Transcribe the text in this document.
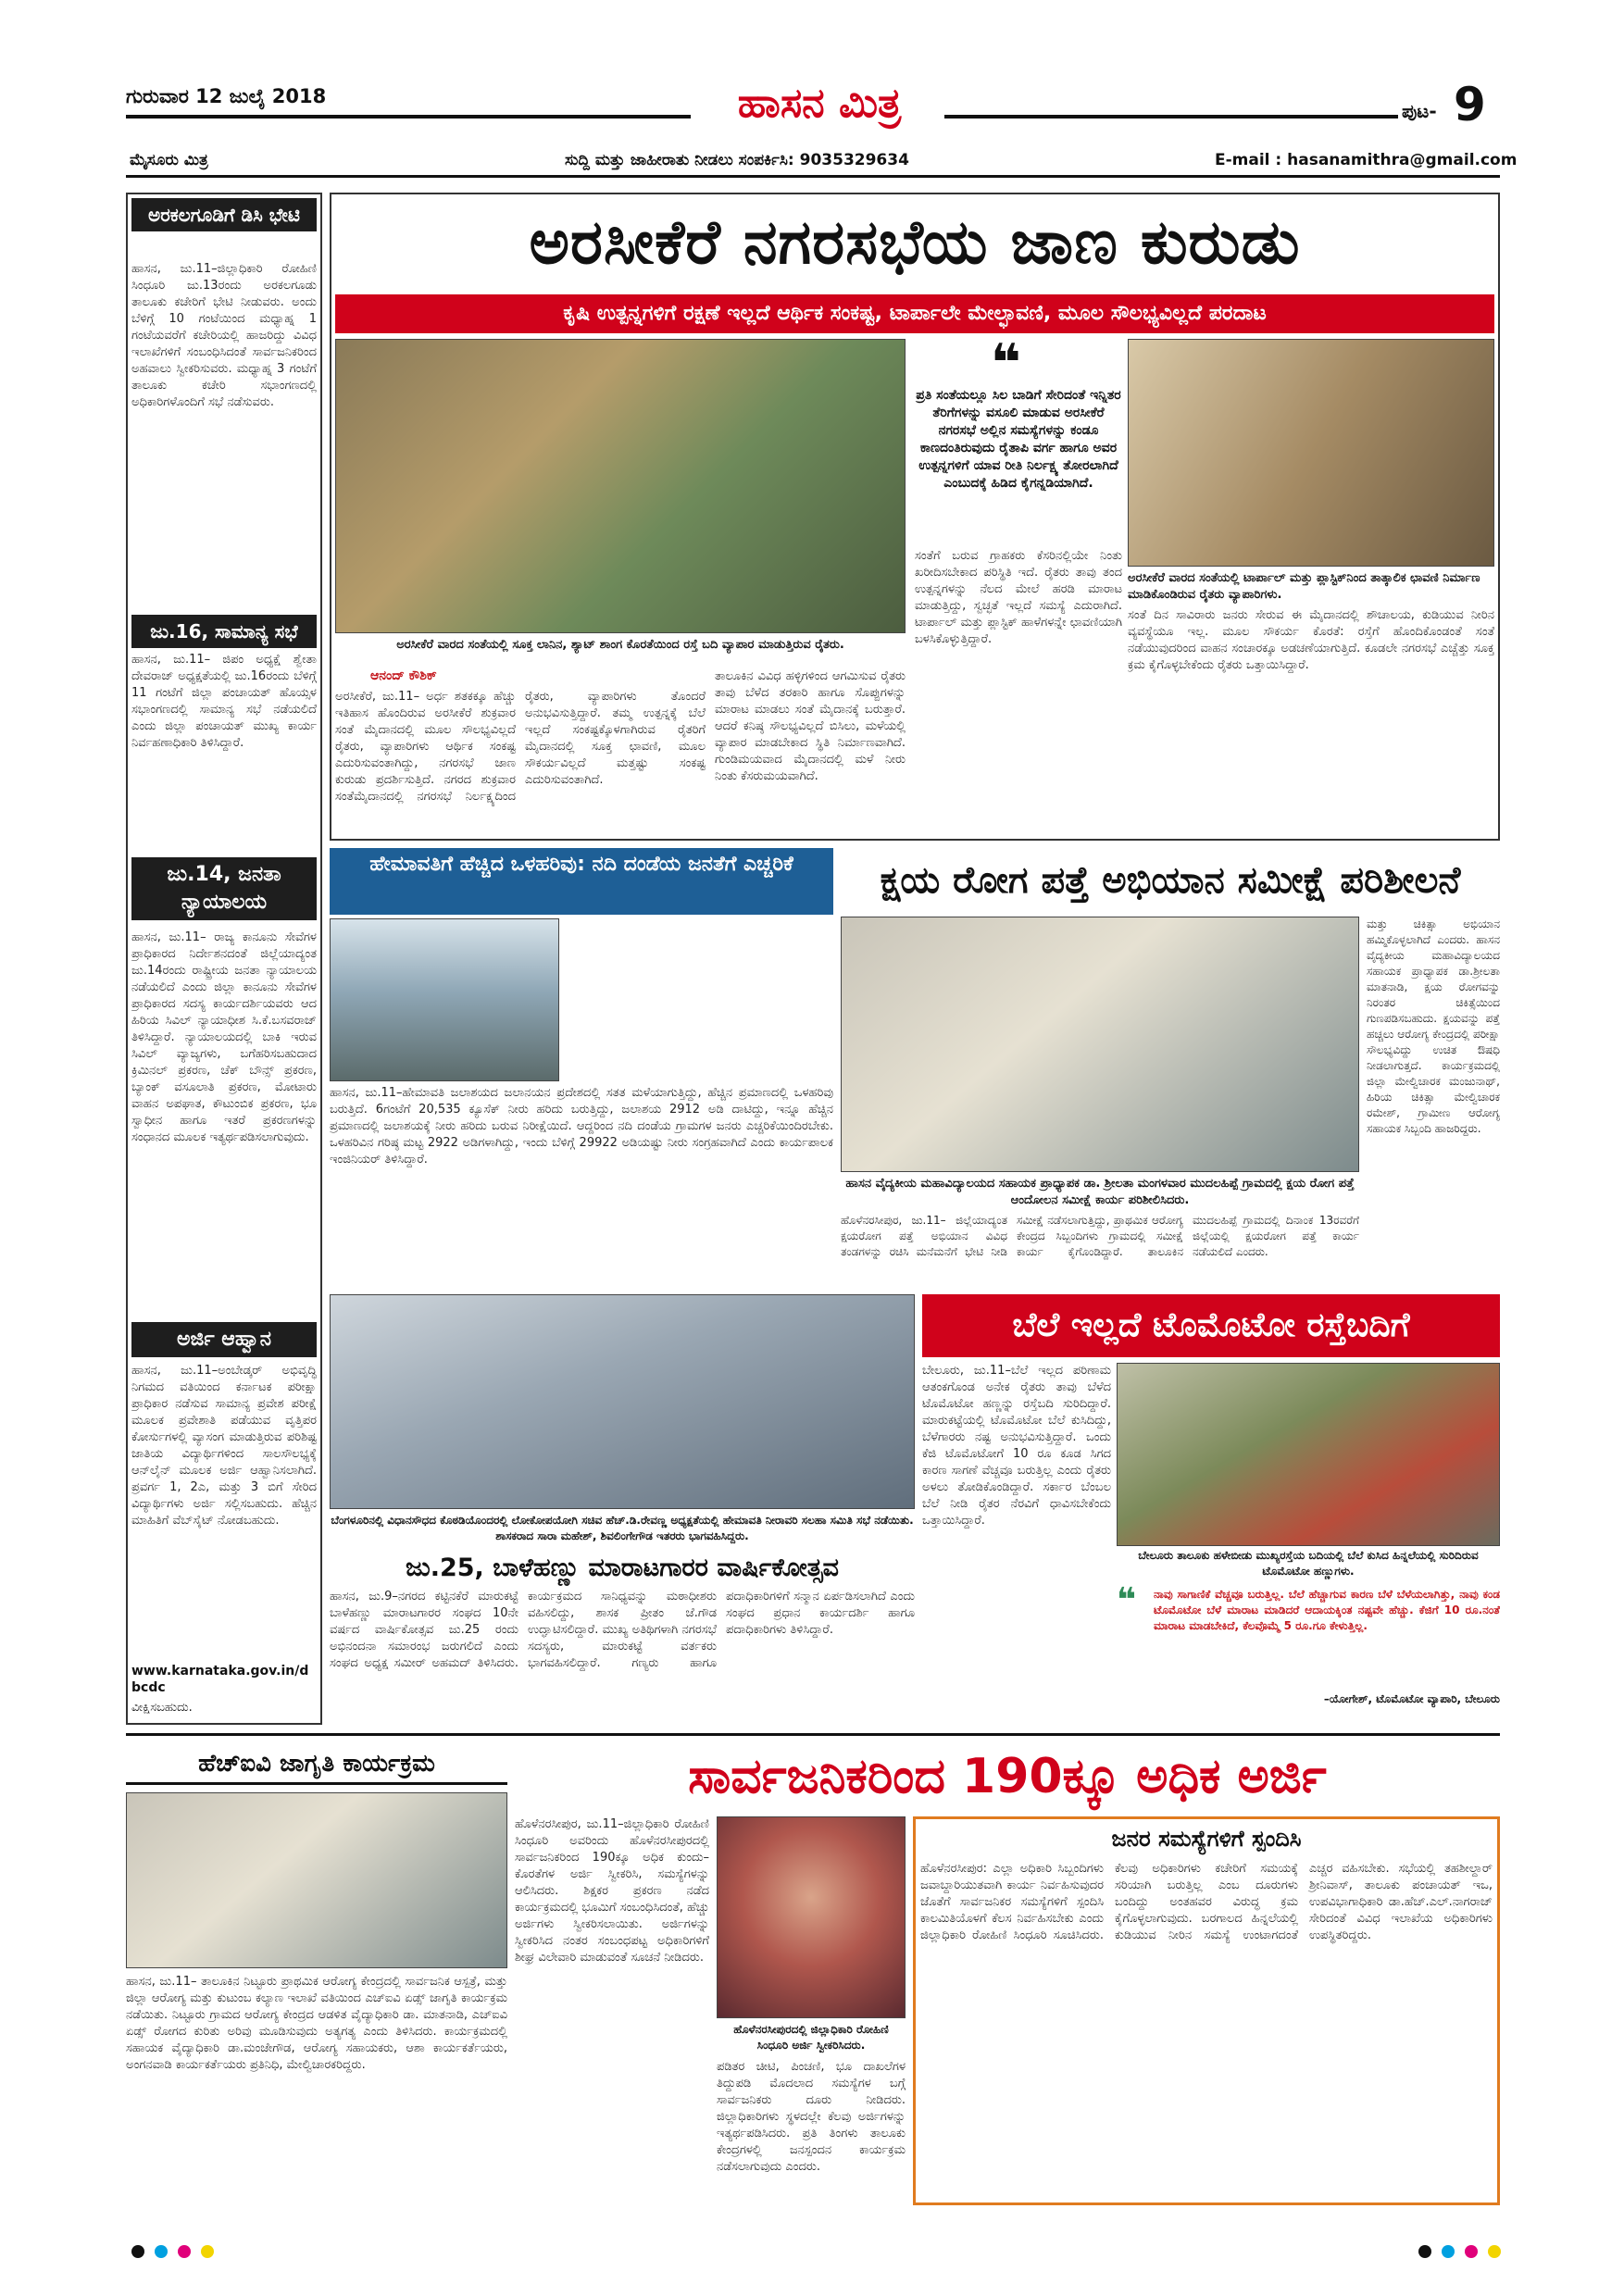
ಗುರುವಾರ 12 ಜುಲೈ 2018	ಹಾಸನ ಮಿತ್ರ	ಪುಟ- 9
ಮೈಸೂರು ಮಿತ್ರ	ಸುದ್ದಿ ಮತ್ತು ಜಾಹೀರಾತು ನೀಡಲು ಸಂಪರ್ಕಿಸಿ: 9035329634	E-mail : hasanamithra@gmail.com
ಅರಕಲಗೂಡಿಗೆ ಡಿಸಿ ಭೇಟಿ
ಹಾಸನ, ಜು.11–ಜಿಲ್ಲಾಧಿಕಾರಿ ರೋಹಿಣಿ ಸಿಂಧೂರಿ ಜು.13ರಂದು ಅರಕಲಗೂಡು ತಾಲೂಕು ಕಚೇರಿಗೆ ಭೇಟಿ ನೀಡುವರು. ಅಂದು ಬೆಳಿಗ್ಗೆ 10 ಗಂಟೆಯಿಂದ ಮಧ್ಯಾಹ್ನ 1 ಗಂಟೆಯವರೆಗೆ ಕಚೇರಿಯಲ್ಲಿ ಹಾಜರಿದ್ದು ವಿವಿಧ ಇಲಾಖೆಗಳಿಗೆ ಸಂಬಂಧಿಸಿದಂತೆ ಸಾರ್ವಜನಿಕರಿಂದ ಅಹವಾಲು ಸ್ವೀಕರಿಸುವರು. ಮಧ್ಯಾಹ್ನ 3 ಗಂಟೆಗೆ ತಾಲೂಕು ಕಚೇರಿ ಸಭಾಂಗಣದಲ್ಲಿ ಅಧಿಕಾರಿಗಳೊಂದಿಗೆ ಸಭೆ ನಡೆಸುವರು.
ಜು.16, ಸಾಮಾನ್ಯ ಸಭೆ
ಹಾಸನ, ಜು.11– ಜಿಪಂ ಅಧ್ಯಕ್ಷೆ ಶ್ವೇತಾ ದೇವರಾಜ್ ಅಧ್ಯಕ್ಷತೆಯಲ್ಲಿ ಜು.16ರಂದು ಬೆಳಿಗ್ಗೆ 11 ಗಂಟೆಗೆ ಜಿಲ್ಲಾ ಪಂಚಾಯತ್ ಹೊಯ್ಸಳ ಸಭಾಂಗಣದಲ್ಲಿ ಸಾಮಾನ್ಯ ಸಭೆ ನಡೆಯಲಿದೆ ಎಂದು ಜಿಲ್ಲಾ ಪಂಚಾಯತ್ ಮುಖ್ಯ ಕಾರ್ಯ ನಿರ್ವಹಣಾಧಿಕಾರಿ ತಿಳಿಸಿದ್ದಾರೆ.
ಜು.14, ಜನತಾ ನ್ಯಾಯಾಲಯ
ಹಾಸನ, ಜು.11– ರಾಜ್ಯ ಕಾನೂನು ಸೇವೆಗಳ ಪ್ರಾಧಿಕಾರದ ನಿರ್ದೇಶನದಂತೆ ಜಿಲ್ಲೆಯಾದ್ಯಂತ ಜು.14ರಂದು ರಾಷ್ಟ್ರೀಯ ಜನತಾ ನ್ಯಾಯಾಲಯ ನಡೆಯಲಿದೆ ಎಂದು ಜಿಲ್ಲಾ ಕಾನೂನು ಸೇವೆಗಳ ಪ್ರಾಧಿಕಾರದ ಸದಸ್ಯ ಕಾರ್ಯದರ್ಶಿಯವರು ಆದ ಹಿರಿಯ ಸಿವಿಲ್ ನ್ಯಾಯಾಧೀಶ ಸಿ.ಕೆ.ಬಸವರಾಜ್ ತಿಳಿಸಿದ್ದಾರೆ. ನ್ಯಾಯಾಲಯದಲ್ಲಿ ಬಾಕಿ ಇರುವ ಸಿವಿಲ್ ವ್ಯಾಜ್ಯಗಳು, ಬಗೆಹರಿಸಬಹುದಾದ ಕ್ರಿಮಿನಲ್ ಪ್ರಕರಣ, ಚೆಕ್ ಬೌನ್ಸ್ ಪ್ರಕರಣ, ಬ್ಯಾಂಕ್ ವಸೂಲಾತಿ ಪ್ರಕರಣ, ಮೋಟಾರು ವಾಹನ ಅಪಘಾತ, ಕೌಟುಂಬಿಕ ಪ್ರಕರಣ, ಭೂ ಸ್ವಾಧೀನ ಹಾಗೂ ಇತರೆ ಪ್ರಕರಣಗಳನ್ನು ಸಂಧಾನದ ಮೂಲಕ ಇತ್ಯರ್ಥಪಡಿಸಲಾಗುವುದು.
ಅರ್ಜಿ ಆಹ್ವಾನ
ಹಾಸನ, ಜು.11–ಅಂಬೇಡ್ಕರ್ ಅಭಿವೃದ್ಧಿ ನಿಗಮದ ವತಿಯಿಂದ ಕರ್ನಾಟಕ ಪರೀಕ್ಷಾ ಪ್ರಾಧಿಕಾರ ನಡೆಸುವ ಸಾಮಾನ್ಯ ಪ್ರವೇಶ ಪರೀಕ್ಷೆ ಮೂಲಕ ಪ್ರವೇಶಾತಿ ಪಡೆಯುವ ವೃತ್ತಿಪರ ಕೋರ್ಸುಗಳಲ್ಲಿ ವ್ಯಾಸಂಗ ಮಾಡುತ್ತಿರುವ ಪರಿಶಿಷ್ಟ ಜಾತಿಯ ವಿದ್ಯಾರ್ಥಿಗಳಿಂದ ಸಾಲಸೌಲಭ್ಯಕ್ಕೆ ಆನ್‌ಲೈನ್ ಮೂಲಕ ಅರ್ಜಿ ಆಹ್ವಾನಿಸಲಾಗಿದೆ. ಪ್ರವರ್ಗ 1, 2ಎ, ಮತ್ತು 3 ಬಿಗೆ ಸೇರಿದ ವಿದ್ಯಾರ್ಥಿಗಳು ಅರ್ಜಿ ಸಲ್ಲಿಸಬಹುದು. ಹೆಚ್ಚಿನ ಮಾಹಿತಿಗೆ ವೆಬ್‌ಸೈಟ್ ನೋಡಬಹುದು.
www.karnataka.gov.in/dbcdc
ವೀಕ್ಷಿಸಬಹುದು.
ಅರಸೀಕೆರೆ ನಗರಸಭೆಯ ಜಾಣ ಕುರುಡು
ಕೃಷಿ ಉತ್ಪನ್ನಗಳಿಗೆ ರಕ್ಷಣೆ ಇಲ್ಲದೆ ಆರ್ಥಿಕ ಸಂಕಷ್ಟ, ಟಾರ್ಪಾಲೇ ಮೇಲ್ಛಾವಣಿ, ಮೂಲ ಸೌಲಭ್ಯವಿಲ್ಲದೆ ಪರದಾಟ
ಅರಸೀಕೆರೆ ವಾರದ ಸಂತೆಯಲ್ಲಿ ಸೂಕ್ತ ಲಾನಿನ, ಶ್ಯಾಟ್ ಶಾಂಗ ಕೊರತೆಯಿಂದ ರಸ್ತೆ ಬದಿ ವ್ಯಾಪಾರ ಮಾಡುತ್ತಿರುವ ರೈತರು.
❝
ಪ್ರತಿ ಸಂತೆಯಲ್ಲೂ ಸಿಲ ಬಾಡಿಗೆ ಸೇರಿದಂತೆ ಇನ್ನಿತರ ತೆರಿಗೆಗಳನ್ನು ವಸೂಲಿ ಮಾಡುವ ಅರಸೀಕೆರೆ ನಗರಸಭೆ ಅಲ್ಲಿನ ಸಮಸ್ಯೆಗಳನ್ನು ಕಂಡೂ ಕಾಣದಂತಿರುವುದು ರೈತಾಪಿ ವರ್ಗ ಹಾಗೂ ಅವರ ಉತ್ಪನ್ನಗಳಿಗೆ ಯಾವ ರೀತಿ ನಿರ್ಲಕ್ಷ್ಯ ತೋರಲಾಗಿದೆ ಎಂಬುದಕ್ಕೆ ಹಿಡಿದ ಕೈಗನ್ನಡಿಯಾಗಿದೆ.
ಸಂತೆಗೆ ಬರುವ ಗ್ರಾಹಕರು ಕೆಸರಿನಲ್ಲಿಯೇ ನಿಂತು ಖರೀದಿಸಬೇಕಾದ ಪರಿಸ್ಥಿತಿ ಇದೆ. ರೈತರು ತಾವು ತಂದ ಉತ್ಪನ್ನಗಳನ್ನು ನೆಲದ ಮೇಲೆ ಹರಡಿ ಮಾರಾಟ ಮಾಡುತ್ತಿದ್ದು, ಸ್ವಚ್ಛತೆ ಇಲ್ಲದೆ ಸಮಸ್ಯೆ ಎದುರಾಗಿದೆ. ಟಾರ್ಪಾಲ್ ಮತ್ತು ಪ್ಲಾಸ್ಟಿಕ್ ಹಾಳೆಗಳನ್ನೇ ಛಾವಣಿಯಾಗಿ ಬಳಸಿಕೊಳ್ಳುತ್ತಿದ್ದಾರೆ.
ಅರಸೀಕೆರೆ ವಾರದ ಸಂತೆಯಲ್ಲಿ ಟಾರ್ಪಾಲ್ ಮತ್ತು ಪ್ಲಾಸ್ಟಿಕ್‌ನಿಂದ ತಾತ್ಕಾಲಿಕ ಛಾವಣಿ ನಿರ್ಮಾಣ ಮಾಡಿಕೊಂಡಿರುವ ರೈತರು ವ್ಯಾಪಾರಿಗಳು.
ಸಂತೆ ದಿನ ಸಾವಿರಾರು ಜನರು ಸೇರುವ ಈ ಮೈದಾನದಲ್ಲಿ ಶೌಚಾಲಯ, ಕುಡಿಯುವ ನೀರಿನ ವ್ಯವಸ್ಥೆಯೂ ಇಲ್ಲ. ಮೂಲ ಸೌಕರ್ಯ ಕೊರತೆ: ರಸ್ತೆಗೆ ಹೊಂದಿಕೊಂಡಂತೆ ಸಂತೆ ನಡೆಯುವುದರಿಂದ ವಾಹನ ಸಂಚಾರಕ್ಕೂ ಅಡಚಣೆಯಾಗುತ್ತಿದೆ. ಕೂಡಲೇ ನಗರಸಭೆ ಎಚ್ಚೆತ್ತು ಸೂಕ್ತ ಕ್ರಮ ಕೈಗೊಳ್ಳಬೇಕೆಂದು ರೈತರು ಒತ್ತಾಯಿಸಿದ್ದಾರೆ.
ಆನಂದ್ ಕೌಶಿಕ್
ಅರಸೀಕೆರೆ, ಜು.11– ಅರ್ಧ ಶತಕಕ್ಕೂ ಹೆಚ್ಚು ಇತಿಹಾಸ ಹೊಂದಿರುವ ಅರಸೀಕೆರೆ ಶುಕ್ರವಾರ ಸಂತೆ ಮೈದಾನದಲ್ಲಿ ಮೂಲ ಸೌಲಭ್ಯವಿಲ್ಲದೆ ರೈತರು, ವ್ಯಾಪಾರಿಗಳು ಆರ್ಥಿಕ ಸಂಕಷ್ಟ ಎದುರಿಸುವಂತಾಗಿದ್ದು, ನಗರಸಭೆ ಜಾಣ ಕುರುಡು ಪ್ರದರ್ಶಿಸುತ್ತಿದೆ. ನಗರದ ಶುಕ್ರವಾರ ಸಂತೆಮೈದಾನದಲ್ಲಿ ನಗರಸಭೆ ನಿರ್ಲಕ್ಷ್ಯದಿಂದ ರೈತರು, ವ್ಯಾಪಾರಿಗಳು ತೊಂದರೆ ಅನುಭವಿಸುತ್ತಿದ್ದಾರೆ. ತಮ್ಮ ಉತ್ಪನ್ನಕ್ಕೆ ಬೆಲೆ ಇಲ್ಲದೆ ಸಂಕಷ್ಟಕ್ಕೊಳಗಾಗಿರುವ ರೈತರಿಗೆ ಮೈದಾನದಲ್ಲಿ ಸೂಕ್ತ ಛಾವಣಿ, ಮೂಲ ಸೌಕರ್ಯವಿಲ್ಲದೆ ಮತ್ತಷ್ಟು ಸಂಕಷ್ಟ ಎದುರಿಸುವಂತಾಗಿದೆ.
ತಾಲೂಕಿನ ವಿವಿಧ ಹಳ್ಳಿಗಳಿಂದ ಆಗಮಿಸುವ ರೈತರು ತಾವು ಬೆಳೆದ ತರಕಾರಿ ಹಾಗೂ ಸೊಪ್ಪುಗಳನ್ನು ಮಾರಾಟ ಮಾಡಲು ಸಂತೆ ಮೈದಾನಕ್ಕೆ ಬರುತ್ತಾರೆ. ಆದರೆ ಕನಿಷ್ಠ ಸೌಲಭ್ಯವಿಲ್ಲದೆ ಬಿಸಿಲು, ಮಳೆಯಲ್ಲಿ ವ್ಯಾಪಾರ ಮಾಡಬೇಕಾದ ಸ್ಥಿತಿ ನಿರ್ಮಾಣವಾಗಿದೆ. ಗುಂಡಿಮಯವಾದ ಮೈದಾನದಲ್ಲಿ ಮಳೆ ನೀರು ನಿಂತು ಕೆಸರುಮಯವಾಗಿದೆ.
ಹೇಮಾವತಿಗೆ ಹೆಚ್ಚಿದ ಒಳಹರಿವು: ನದಿ ದಂಡೆಯ ಜನತೆಗೆ ಎಚ್ಚರಿಕೆ
ಹಾಸನ, ಜು.11–ಹೇಮಾವತಿ ಜಲಾಶಯದ ಜಲಾನಯನ ಪ್ರದೇಶದಲ್ಲಿ ಸತತ ಮಳೆಯಾಗುತ್ತಿದ್ದು, ಹೆಚ್ಚಿನ ಪ್ರಮಾಣದಲ್ಲಿ ಒಳಹರಿವು ಬರುತ್ತಿದೆ. 6ಗಂಟೆಗೆ 20,535 ಕ್ಯೂಸೆಕ್ ನೀರು ಹರಿದು ಬರುತ್ತಿದ್ದು, ಜಲಾಶಯ 2912 ಅಡಿ ದಾಟಿದ್ದು, ಇನ್ನೂ ಹೆಚ್ಚಿನ ಪ್ರಮಾಣದಲ್ಲಿ ಜಲಾಶಯಕ್ಕೆ ನೀರು ಹರಿದು ಬರುವ ನಿರೀಕ್ಷೆಯಿದೆ. ಆದ್ದರಿಂದ ನದಿ ದಂಡೆಯ ಗ್ರಾಮಗಳ ಜನರು ಎಚ್ಚರಿಕೆಯಿಂದಿರಬೇಕು. ಒಳಹರಿವಿನ ಗರಿಷ್ಠ ಮಟ್ಟ 2922 ಅಡಿಗಳಾಗಿದ್ದು, ಇಂದು ಬೆಳಿಗ್ಗೆ 29922 ಅಡಿಯಷ್ಟು ನೀರು ಸಂಗ್ರಹವಾಗಿದೆ ಎಂದು ಕಾರ್ಯಪಾಲಕ ಇಂಜಿನಿಯರ್ ತಿಳಿಸಿದ್ದಾರೆ.
ಕ್ಷಯ ರೋಗ ಪತ್ತೆ ಅಭಿಯಾನ ಸಮೀಕ್ಷೆ ಪರಿಶೀಲನೆ
ಹಾಸನ ವೈದ್ಯಕೀಯ ಮಹಾವಿದ್ಯಾಲಯದ ಸಹಾಯಕ ಪ್ರಾಧ್ಯಾಪಕ ಡಾ. ಶ್ರೀಲತಾ ಮಂಗಳವಾರ ಮುದಲಹಿಪ್ಪೆ ಗ್ರಾಮದಲ್ಲಿ ಕ್ಷಯ ರೋಗ ಪತ್ತೆ ಆಂದೋಲನ ಸಮೀಕ್ಷೆ ಕಾರ್ಯ ಪರಿಶೀಲಿಸಿದರು.
ಮತ್ತು ಚಿಕಿತ್ಸಾ ಅಭಿಯಾನ ಹಮ್ಮಿಕೊಳ್ಳಲಾಗಿದೆ ಎಂದರು. ಹಾಸನ ವೈದ್ಯಕೀಯ ಮಹಾವಿದ್ಯಾಲಯದ ಸಹಾಯಕ ಪ್ರಾಧ್ಯಾಪಕ ಡಾ.ಶ್ರೀಲತಾ ಮಾತನಾಡಿ, ಕ್ಷಯ ರೋಗವನ್ನು ನಿರಂತರ ಚಿಕಿತ್ಸೆಯಿಂದ ಗುಣಪಡಿಸಬಹುದು. ಕ್ಷಯವನ್ನು ಪತ್ತೆ ಹಚ್ಚಲು ಆರೋಗ್ಯ ಕೇಂದ್ರದಲ್ಲಿ ಪರೀಕ್ಷಾ ಸೌಲಭ್ಯವಿದ್ದು ಉಚಿತ ಔಷಧಿ ನೀಡಲಾಗುತ್ತದೆ. ಕಾರ್ಯಕ್ರಮದಲ್ಲಿ ಜಿಲ್ಲಾ ಮೇಲ್ವಿಚಾರಕ ಮಂಜುನಾಥ್, ಹಿರಿಯ ಚಿಕಿತ್ಸಾ ಮೇಲ್ವಿಚಾರಕ ರಮೇಶ್, ಗ್ರಾಮೀಣ ಆರೋಗ್ಯ ಸಹಾಯಕ ಸಿಬ್ಬಂದಿ ಹಾಜರಿದ್ದರು.
ಹೊಳೆನರಸೀಪುರ, ಜು.11– ಜಿಲ್ಲೆಯಾದ್ಯಂತ ಕ್ಷಯರೋಗ ಪತ್ತೆ ಅಭಿಯಾನ ವಿವಿಧ ತಂಡಗಳನ್ನು ರಚಿಸಿ ಮನೆಮನೆಗೆ ಭೇಟಿ ನೀಡಿ ಸಮೀಕ್ಷೆ ನಡೆಸಲಾಗುತ್ತಿದ್ದು, ಪ್ರಾಥಮಿಕ ಆರೋಗ್ಯ ಕೇಂದ್ರದ ಸಿಬ್ಬಂದಿಗಳು ಗ್ರಾಮದಲ್ಲಿ ಸಮೀಕ್ಷೆ ಕಾರ್ಯ ಕೈಗೊಂಡಿದ್ದಾರೆ. ತಾಲೂಕಿನ ಮುದಲಹಿಪ್ಪೆ ಗ್ರಾಮದಲ್ಲಿ ದಿನಾಂಕ 13ರವರೆಗೆ ಜಿಲ್ಲೆಯಲ್ಲಿ ಕ್ಷಯರೋಗ ಪತ್ತೆ ಕಾರ್ಯ ನಡೆಯಲಿದೆ ಎಂದರು.
ಬೆಂಗಳೂರಿನಲ್ಲಿ ವಿಧಾನಸೌಧದ ಕೊಠಡಿಯೊಂದರಲ್ಲಿ ಲೋಕೋಪಯೋಗಿ ಸಚಿವ ಹೆಚ್.ಡಿ.ರೇವಣ್ಣ ಅಧ್ಯಕ್ಷತೆಯಲ್ಲಿ ಹೇಮಾವತಿ ನೀರಾವರಿ ಸಲಹಾ ಸಮಿತಿ ಸಭೆ ನಡೆಯಿತು. ಶಾಸಕರಾದ ಸಾರಾ ಮಹೇಶ್, ಶಿವಲಿಂಗೇಗೌಡ ಇತರರು ಭಾಗವಹಿಸಿದ್ದರು.
ಜು.25, ಬಾಳೆಹಣ್ಣು ಮಾರಾಟಗಾರರ ವಾರ್ಷಿಕೋತ್ಸವ
ಹಾಸನ, ಜು.9–ನಗರದ ಕಟ್ಟಿನಕೆರೆ ಮಾರುಕಟ್ಟೆ ಬಾಳೆಹಣ್ಣು ಮಾರಾಟಗಾರರ ಸಂಘದ 10ನೇ ವರ್ಷದ ವಾರ್ಷಿಕೋತ್ಸವ ಜು.25 ರಂದು ಅಭಿನಂದನಾ ಸಮಾರಂಭ ಜರುಗಲಿದೆ ಎಂದು ಸಂಘದ ಅಧ್ಯಕ್ಷ ಸಮೀರ್ ಅಹಮದ್ ತಿಳಿಸಿದರು. ಕಾರ್ಯಕ್ರಮದ ಸಾನಿಧ್ಯವನ್ನು ಮಠಾಧೀಶರು ವಹಿಸಲಿದ್ದು, ಶಾಸಕ ಪ್ರೀತಂ ಜೆ.ಗೌಡ ಉದ್ಘಾಟಿಸಲಿದ್ದಾರೆ. ಮುಖ್ಯ ಅತಿಥಿಗಳಾಗಿ ನಗರಸಭೆ ಸದಸ್ಯರು, ಮಾರುಕಟ್ಟೆ ವರ್ತಕರು ಭಾಗವಹಿಸಲಿದ್ದಾರೆ. ಗಣ್ಯರು ಹಾಗೂ ಪದಾಧಿಕಾರಿಗಳಿಗೆ ಸನ್ಮಾನ ಏರ್ಪಡಿಸಲಾಗಿದೆ ಎಂದು ಸಂಘದ ಪ್ರಧಾನ ಕಾರ್ಯದರ್ಶಿ ಹಾಗೂ ಪದಾಧಿಕಾರಿಗಳು ತಿಳಿಸಿದ್ದಾರೆ.
ಬೆಲೆ ಇಲ್ಲದೆ ಟೊಮೊಟೋ ರಸ್ತೆಬದಿಗೆ
ಬೇಲೂರು, ಜು.11–ಬೆಲೆ ಇಲ್ಲದ ಪರಿಣಾಮ ಆತಂಕಗೊಂಡ ಅನೇಕ ರೈತರು ತಾವು ಬೆಳೆದ ಟೊಮೊಟೋ ಹಣ್ಣನ್ನು ರಸ್ತೆಬದಿ ಸುರಿದಿದ್ದಾರೆ. ಮಾರುಕಟ್ಟೆಯಲ್ಲಿ ಟೊಮೊಟೋ ಬೆಲೆ ಕುಸಿದಿದ್ದು, ಬೆಳೆಗಾರರು ನಷ್ಟ ಅನುಭವಿಸುತ್ತಿದ್ದಾರೆ. ಒಂದು ಕೆಜಿ ಟೊಮೊಟೋಗೆ 10 ರೂ ಕೂಡ ಸಿಗದ ಕಾರಣ ಸಾಗಣೆ ವೆಚ್ಚವೂ ಬರುತ್ತಿಲ್ಲ ಎಂದು ರೈತರು ಅಳಲು ತೋಡಿಕೊಂಡಿದ್ದಾರೆ. ಸರ್ಕಾರ ಬೆಂಬಲ ಬೆಲೆ ನೀಡಿ ರೈತರ ನೆರವಿಗೆ ಧಾವಿಸಬೇಕೆಂದು ಒತ್ತಾಯಿಸಿದ್ದಾರೆ.
ಬೇಲೂರು ತಾಲೂಕು ಹಳೇಬೀಡು ಮುಖ್ಯರಸ್ತೆಯ ಬದಿಯಲ್ಲಿ ಬೆಲೆ ಕುಸಿದ ಹಿನ್ನಲೆಯಲ್ಲಿ ಸುರಿದಿರುವ ಟೊಮೊಟೋ ಹಣ್ಣುಗಳು.
❝ ನಾವು ಸಾಗಾಣಿಕೆ ವೆಚ್ಚವೂ ಬರುತ್ತಿಲ್ಲ. ಬೆಲೆ ಹೆಚ್ಚಾಗುವ ಕಾರಣ ಬೆಳೆ ಬೆಳೆಯಲಾಗಿತ್ತು, ನಾವು ಕಂಡ ಟೊಮೊಟೋ ಬೆಳೆ ಮಾರಾಟ ಮಾಡಿದರೆ ಆದಾಯಕ್ಕಿಂತ ನಷ್ಟವೇ ಹೆಚ್ಚು. ಕೆಜಿಗೆ 10 ರೂ.ನಂತೆ ಮಾರಾಟ ಮಾಡಬೇಕಿದೆ, ಕೆಲವೊಮ್ಮೆ 5 ರೂ.ಗೂ ಕೇಳುತ್ತಿಲ್ಲ.
–ಯೋಗೇಶ್, ಟೊಮೊಟೋ ವ್ಯಾಪಾರಿ, ಬೇಲೂರು
ಹೆಚ್‌ಐವಿ ಜಾಗೃತಿ ಕಾರ್ಯಕ್ರಮ
ಹಾಸನ, ಜು.11– ತಾಲೂಕಿನ ನಿಟ್ಟೂರು ಪ್ರಾಥಮಿಕ ಆರೋಗ್ಯ ಕೇಂದ್ರದಲ್ಲಿ ಸಾರ್ವಜನಿಕ ಆಸ್ಪತ್ರೆ, ಮತ್ತು ಜಿಲ್ಲಾ ಆರೋಗ್ಯ ಮತ್ತು ಕುಟುಂಬ ಕಲ್ಯಾಣ ಇಲಾಖೆ ವತಿಯಿಂದ ಎಚ್‌ಐವಿ ಏಡ್ಸ್ ಜಾಗೃತಿ ಕಾರ್ಯಕ್ರಮ ನಡೆಯಿತು. ನಿಟ್ಟೂರು ಗ್ರಾಮದ ಆರೋಗ್ಯ ಕೇಂದ್ರದ ಆಡಳಿತ ವೈದ್ಯಾಧಿಕಾರಿ ಡಾ. ಮಾತನಾಡಿ, ಎಚ್‌ಐವಿ ಏಡ್ಸ್ ರೋಗದ ಕುರಿತು ಅರಿವು ಮೂಡಿಸುವುದು ಅತ್ಯಗತ್ಯ ಎಂದು ತಿಳಿಸಿದರು. ಕಾರ್ಯಕ್ರಮದಲ್ಲಿ ಸಹಾಯಕ ವೈದ್ಯಾಧಿಕಾರಿ ಡಾ.ಮಂಜೇಗೌಡ, ಆರೋಗ್ಯ ಸಹಾಯಕರು, ಆಶಾ ಕಾರ್ಯಕರ್ತೆಯರು, ಅಂಗನವಾಡಿ ಕಾರ್ಯಕರ್ತೆಯರು ಪ್ರತಿನಿಧಿ, ಮೇಲ್ವಿಚಾರಕರಿದ್ದರು.
ಸಾರ್ವಜನಿಕರಿಂದ 190ಕ್ಕೂ ಅಧಿಕ ಅರ್ಜಿ
ಹೊಳೆನರಸೀಪುರ, ಜು.11–ಜಿಲ್ಲಾಧಿಕಾರಿ ರೋಹಿಣಿ ಸಿಂಧೂರಿ ಅವರಿಂದು ಹೊಳೆನರಸೀಪುರದಲ್ಲಿ ಸಾರ್ವಜನಿಕರಿಂದ 190ಕ್ಕೂ ಅಧಿಕ ಕುಂದು–ಕೊರತೆಗಳ ಅರ್ಜಿ ಸ್ವೀಕರಿಸಿ, ಸಮಸ್ಯೆಗಳನ್ನು ಆಲಿಸಿದರು. ಶಿಕ್ಷಕರ ಪ್ರಕರಣ ನಡೆದ ಕಾರ್ಯಕ್ರಮದಲ್ಲಿ ಭೂಮಿಗೆ ಸಂಬಂಧಿಸಿದಂತೆ, ಹೆಚ್ಚು ಅರ್ಜಿಗಳು ಸ್ವೀಕರಿಸಲಾಯಿತು. ಅರ್ಜಿಗಳನ್ನು ಸ್ವೀಕರಿಸಿದ ನಂತರ ಸಂಬಂಧಪಟ್ಟ ಅಧಿಕಾರಿಗಳಿಗೆ ಶೀಘ್ರ ವಿಲೇವಾರಿ ಮಾಡುವಂತೆ ಸೂಚನೆ ನೀಡಿದರು.
ಹೊಳೆನರಸೀಪುರದಲ್ಲಿ ಜಿಲ್ಲಾಧಿಕಾರಿ ರೋಹಿಣಿ ಸಿಂಧೂರಿ ಅರ್ಜಿ ಸ್ವೀಕರಿಸಿದರು.
ಪಡಿತರ ಚೀಟಿ, ಪಿಂಚಣಿ, ಭೂ ದಾಖಲೆಗಳ ತಿದ್ದುಪಡಿ ಮೊದಲಾದ ಸಮಸ್ಯೆಗಳ ಬಗ್ಗೆ ಸಾರ್ವಜನಿಕರು ದೂರು ನೀಡಿದರು. ಜಿಲ್ಲಾಧಿಕಾರಿಗಳು ಸ್ಥಳದಲ್ಲೇ ಕೆಲವು ಅರ್ಜಿಗಳನ್ನು ಇತ್ಯರ್ಥಪಡಿಸಿದರು. ಪ್ರತಿ ತಿಂಗಳು ತಾಲೂಕು ಕೇಂದ್ರಗಳಲ್ಲಿ ಜನಸ್ಪಂದನ ಕಾರ್ಯಕ್ರಮ ನಡೆಸಲಾಗುವುದು ಎಂದರು.
ಜನರ ಸಮಸ್ಯೆಗಳಿಗೆ ಸ್ಪಂದಿಸಿ
ಹೊಳೆನರಸೀಪುರ: ಎಲ್ಲಾ ಅಧಿಕಾರಿ ಸಿಬ್ಬಂದಿಗಳು ಜವಾಬ್ದಾರಿಯುತವಾಗಿ ಕಾರ್ಯ ನಿರ್ವಹಿಸುವುದರ ಜೊತೆಗೆ ಸಾರ್ವಜನಿಕರ ಸಮಸ್ಯೆಗಳಿಗೆ ಸ್ಪಂದಿಸಿ ಕಾಲಮಿತಿಯೊಳಗೆ ಕೆಲಸ ನಿರ್ವಹಿಸಬೇಕು ಎಂದು ಜಿಲ್ಲಾಧಿಕಾರಿ ರೋಹಿಣಿ ಸಿಂಧೂರಿ ಸೂಚಿಸಿದರು. ಕೆಲವು ಅಧಿಕಾರಿಗಳು ಕಚೇರಿಗೆ ಸಮಯಕ್ಕೆ ಸರಿಯಾಗಿ ಬರುತ್ತಿಲ್ಲ ಎಂಬ ದೂರುಗಳು ಬಂದಿದ್ದು ಅಂತಹವರ ವಿರುದ್ಧ ಕ್ರಮ ಕೈಗೊಳ್ಳಲಾಗುವುದು. ಬರಗಾಲದ ಹಿನ್ನಲೆಯಲ್ಲಿ ಕುಡಿಯುವ ನೀರಿನ ಸಮಸ್ಯೆ ಉಂಟಾಗದಂತೆ ಎಚ್ಚರ ವಹಿಸಬೇಕು. ಸಭೆಯಲ್ಲಿ ತಹಶೀಲ್ದಾರ್ ಶ್ರೀನಿವಾಸ್, ತಾಲೂಕು ಪಂಚಾಯತ್ ಇಒ, ಉಪವಿಭಾಗಾಧಿಕಾರಿ ಡಾ.ಹೆಚ್.ಎಲ್.ನಾಗರಾಜ್ ಸೇರಿದಂತೆ ವಿವಿಧ ಇಲಾಖೆಯ ಅಧಿಕಾರಿಗಳು ಉಪಸ್ಥಿತರಿದ್ದರು.
